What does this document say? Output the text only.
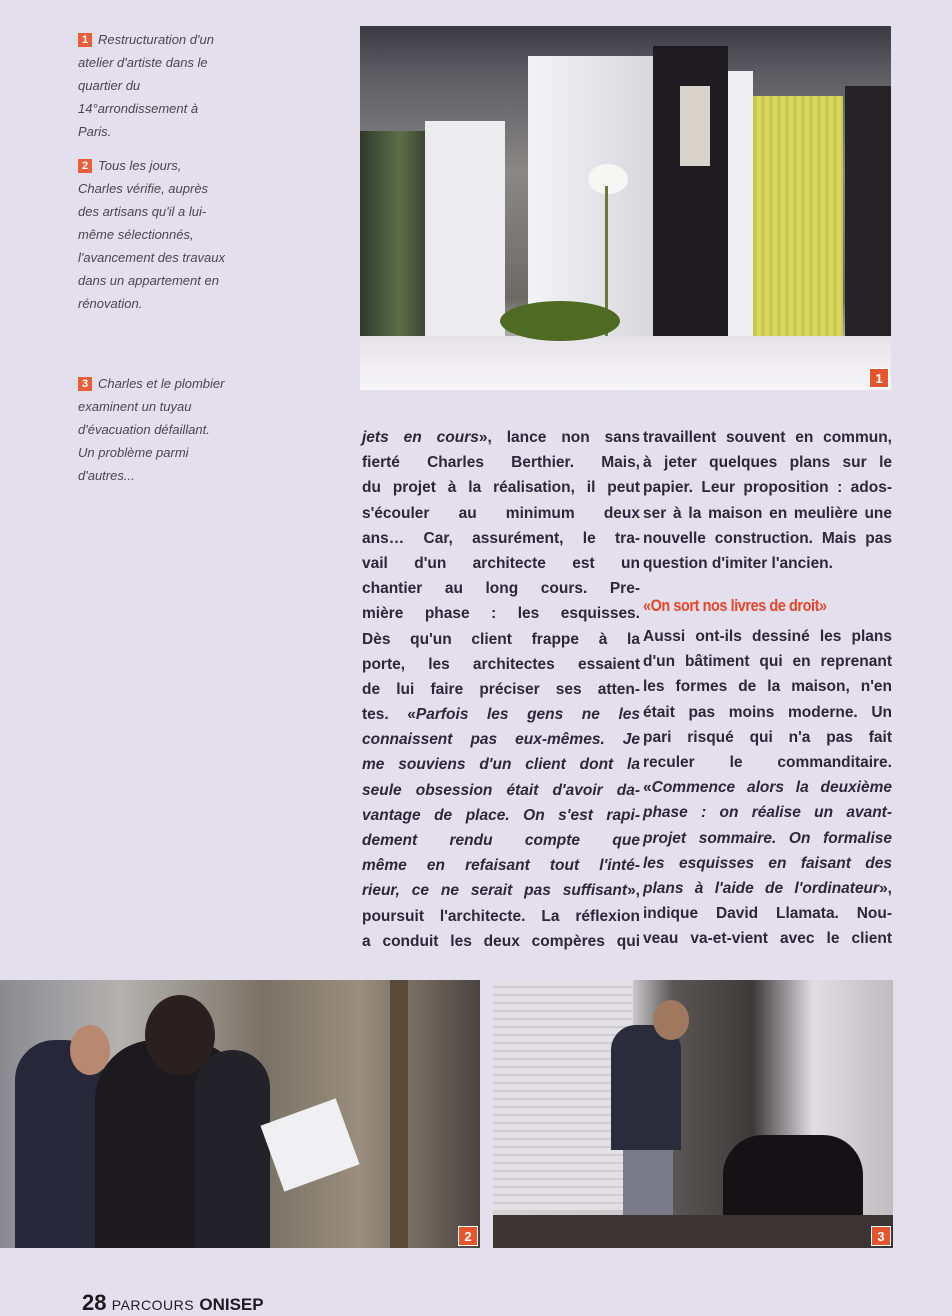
1 Restructuration d'un atelier d'artiste dans le quartier du 14°arrondissement à Paris.
2 Tous les jours, Charles vérifie, auprès des artisans qu'il a lui-même sélectionnés, l'avancement des travaux dans un appartement en rénovation.
3 Charles et le plombier examinent un tuyau d'évacuation défaillant. Un problème parmi d'autres...
1
jets en cours», lance non sans
fierté Charles Berthier. Mais,
du projet à la réalisation, il peut
s'écouler au minimum deux
ans… Car, assurément, le tra-
vail d'un architecte est un
chantier au long cours. Pre-
mière phase : les esquisses.
Dès qu'un client frappe à la
porte, les architectes essaient
de lui faire préciser ses atten-
tes. «Parfois les gens ne les
connaissent pas eux-mêmes. Je
me souviens d'un client dont la
seule obsession était d'avoir da-
vantage de place. On s'est rapi-
dement rendu compte que
même en refaisant tout l'inté-
rieur, ce ne serait pas suffisant»,
poursuit l'architecte. La réflexion
a conduit les deux compères qui
travaillent souvent en commun,
à jeter quelques plans sur le
papier. Leur proposition : ados-
ser à la maison en meulière une
nouvelle construction. Mais pas
question d'imiter l'ancien.
«On sort nos livres de droit»
Aussi ont-ils dessiné les plans
d'un bâtiment qui en reprenant
les formes de la maison, n'en
était pas moins moderne. Un
pari risqué qui n'a pas fait
reculer le commanditaire.
«Commence alors la deuxième
phase : on réalise un avant-
projet sommaire. On formalise
les esquisses en faisant des
plans à l'aide de l'ordinateur»,
indique David Llamata. Nou-
veau va-et-vient avec le client
2	3
28 PARCOURS ONISEP
